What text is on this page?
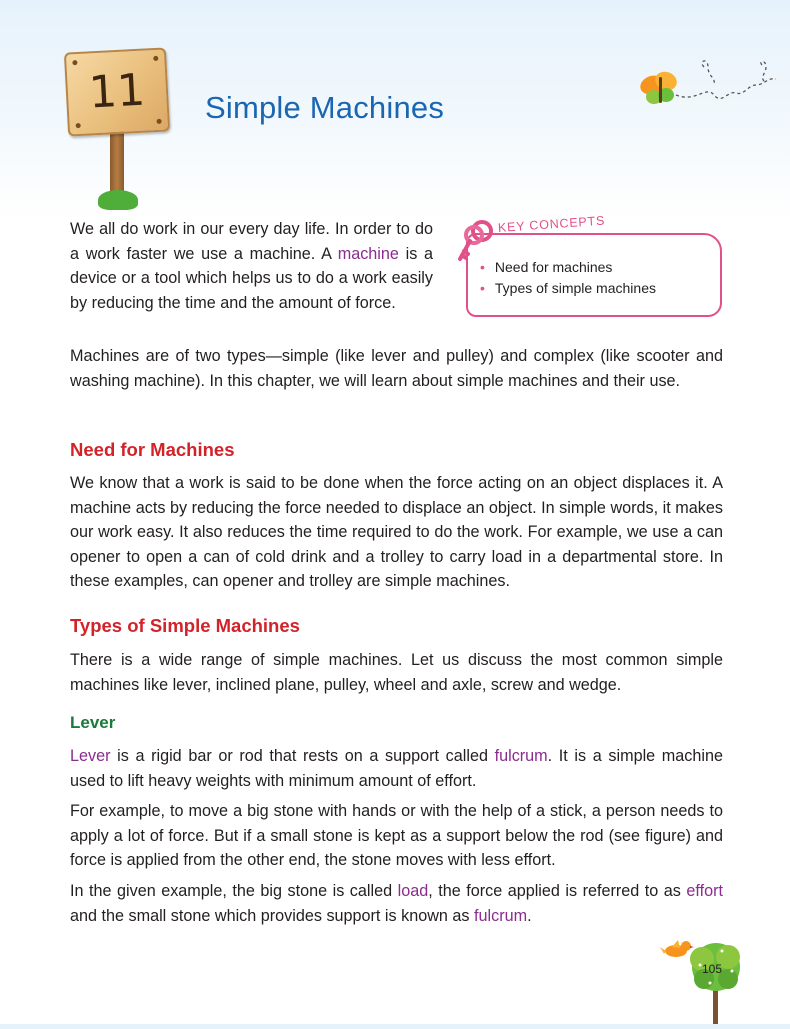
11	Simple Machines

We all do work in our every day life. In order to do a work faster we use a machine. A machine is a device or a tool which helps us to do a work easily by reducing the time and the amount of force.

KEY CONCEPTS
• Need for machines
• Types of simple machines

Machines are of two types—simple (like lever and pulley) and complex (like scooter and washing machine). In this chapter, we will learn about simple machines and their use.

Need for Machines

We know that a work is said to be done when the force acting on an object displaces it. A machine acts by reducing the force needed to displace an object. In simple words, it makes our work easy. It also reduces the time required to do the work. For example, we use a can opener to open a can of cold drink and a trolley to carry load in a departmental store. In these examples, can opener and trolley are simple machines.

Types of Simple Machines

There is a wide range of simple machines. Let us discuss the most common simple machines like lever, inclined plane, pulley, wheel and axle, screw and wedge.

Lever

Lever is a rigid bar or rod that rests on a support called fulcrum. It is a simple machine used to lift heavy weights with minimum amount of effort.

For example, to move a big stone with hands or with the help of a stick, a person needs to apply a lot of force. But if a small stone is kept as a support below the rod (see figure) and force is applied from the other end, the stone moves with less effort.

In the given example, the big stone is called load, the force applied is referred to as effort and the small stone which provides support is known as fulcrum.

105
